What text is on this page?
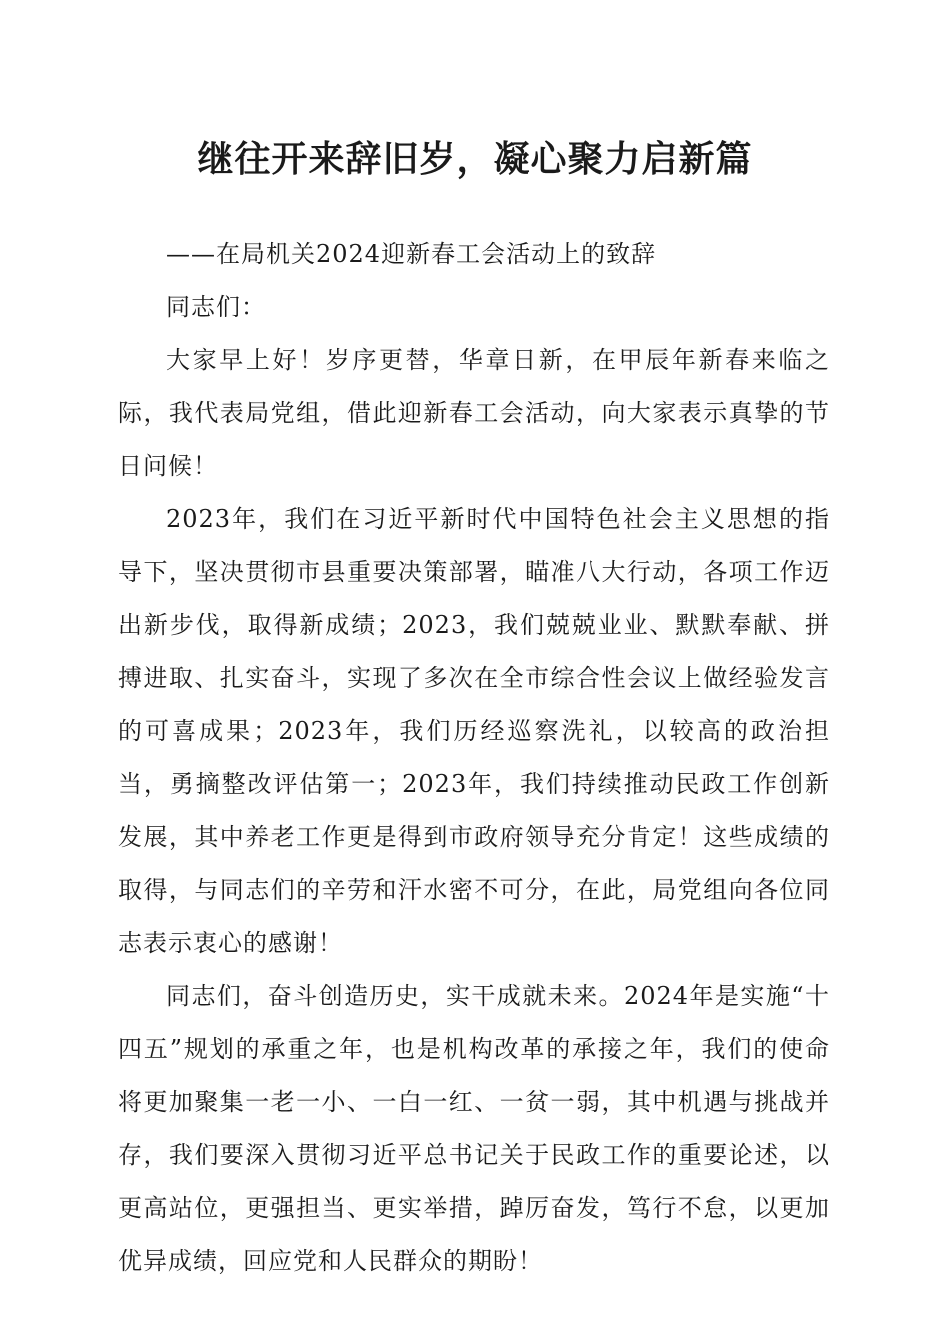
继往开来辞旧岁，凝心聚力启新篇

——在局机关2024迎新春工会活动上的致辞

同志们：

大家早上好！岁序更替，华章日新，在甲辰年新春来临之际，我代表局党组，借此迎新春工会活动，向大家表示真挚的节日问候！

2023年，我们在习近平新时代中国特色社会主义思想的指导下，坚决贯彻市县重要决策部署，瞄准八大行动，各项工作迈出新步伐，取得新成绩；2023，我们兢兢业业、默默奉献、拼搏进取、扎实奋斗，实现了多次在全市综合性会议上做经验发言的可喜成果；2023年，我们历经巡察洗礼，以较高的政治担当，勇摘整改评估第一；2023年，我们持续推动民政工作创新发展，其中养老工作更是得到市政府领导充分肯定！这些成绩的取得，与同志们的辛劳和汗水密不可分，在此，局党组向各位同志表示衷心的感谢！

同志们，奋斗创造历史，实干成就未来。2024年是实施“十四五”规划的承重之年，也是机构改革的承接之年，我们的使命将更加聚集一老一小、一白一红、一贫一弱，其中机遇与挑战并存，我们要深入贯彻习近平总书记关于民政工作的重要论述，以更高站位，更强担当、更实举措，踔厉奋发，笃行不怠，以更加优异成绩，回应党和人民群众的期盼！
